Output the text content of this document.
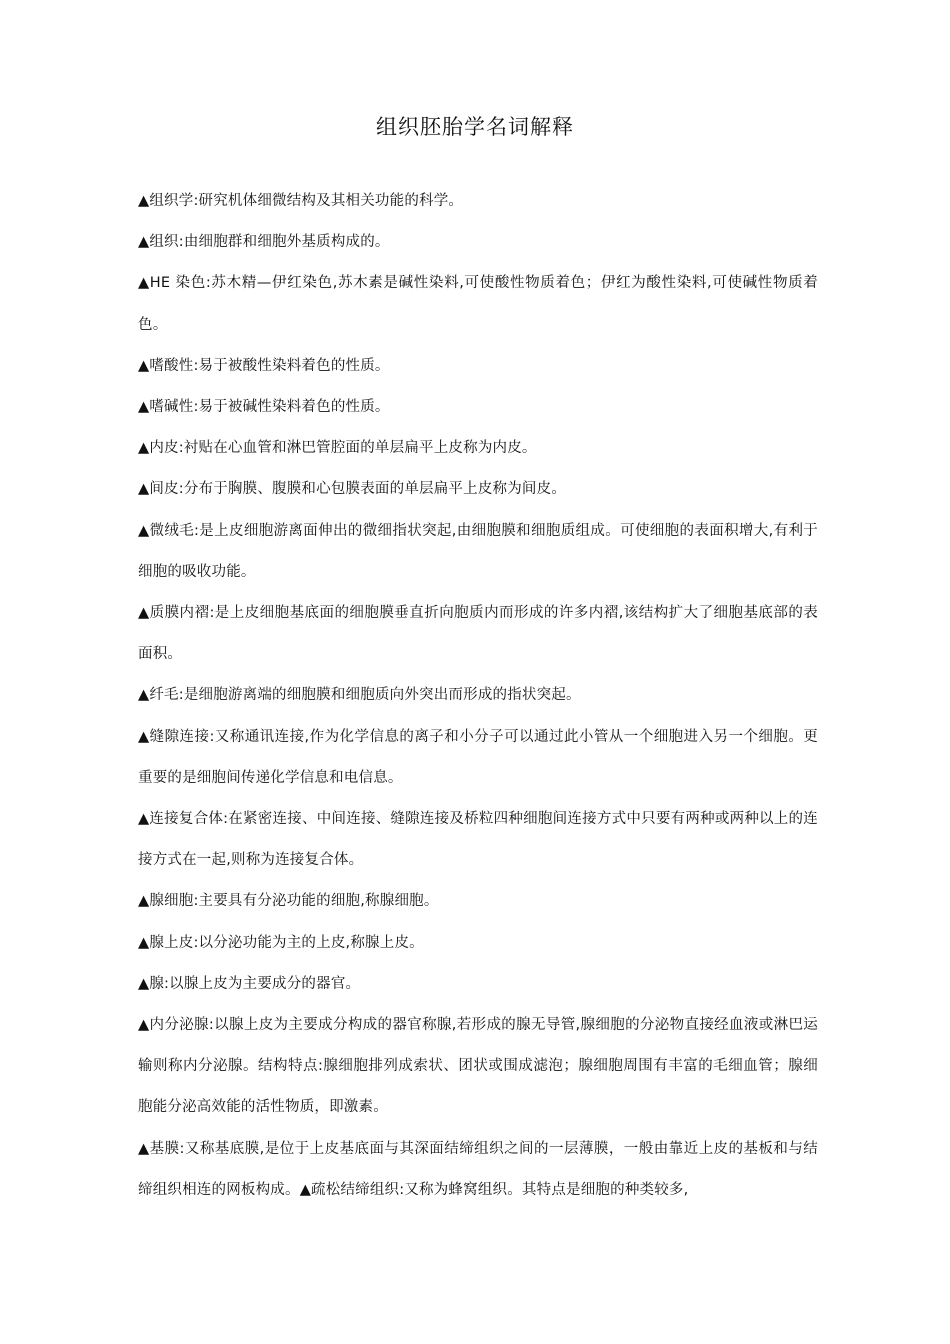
组织胚胎学名词解释

▲组织学:研究机体细微结构及其相关功能的科学。

▲组织:由细胞群和细胞外基质构成的。

▲HE 染色:苏木精—伊红染色,苏木素是碱性染料,可使酸性物质着色；伊红为酸性染料,可使碱性物质着色。

▲嗜酸性:易于被酸性染料着色的性质。

▲嗜碱性:易于被碱性染料着色的性质。

▲内皮:衬贴在心血管和淋巴管腔面的单层扁平上皮称为内皮。

▲间皮:分布于胸膜、腹膜和心包膜表面的单层扁平上皮称为间皮。

▲微绒毛:是上皮细胞游离面伸出的微细指状突起,由细胞膜和细胞质组成。可使细胞的表面积增大,有利于细胞的吸收功能。

▲质膜内褶:是上皮细胞基底面的细胞膜垂直折向胞质内而形成的许多内褶,该结构扩大了细胞基底部的表面积。

▲纤毛:是细胞游离端的细胞膜和细胞质向外突出而形成的指状突起。

▲缝隙连接:又称通讯连接,作为化学信息的离子和小分子可以通过此小管从一个细胞进入另一个细胞。更重要的是细胞间传递化学信息和电信息。

▲连接复合体:在紧密连接、中间连接、缝隙连接及桥粒四种细胞间连接方式中只要有两种或两种以上的连接方式在一起,则称为连接复合体。

▲腺细胞:主要具有分泌功能的细胞,称腺细胞。

▲腺上皮:以分泌功能为主的上皮,称腺上皮。

▲腺:以腺上皮为主要成分的器官。

▲内分泌腺:以腺上皮为主要成分构成的器官称腺,若形成的腺无导管,腺细胞的分泌物直接经血液或淋巴运输则称内分泌腺。结构特点:腺细胞排列成索状、团状或围成滤泡；腺细胞周围有丰富的毛细血管；腺细胞能分泌高效能的活性物质，即激素。

▲基膜:又称基底膜,是位于上皮基底面与其深面结缔组织之间的一层薄膜，一般由靠近上皮的基板和与结缔组织相连的网板构成。▲疏松结缔组织:又称为蜂窝组织。其特点是细胞的种类较多,
